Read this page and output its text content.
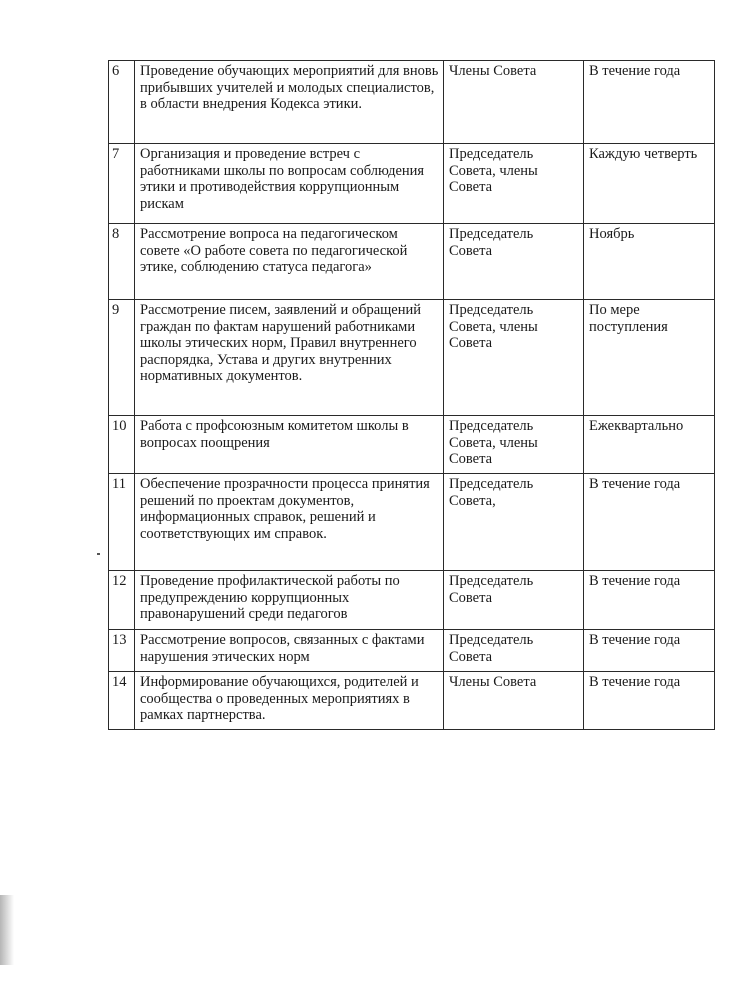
6	Проведение обучающих мероприятий для вновь прибывших учителей и молодых специалистов, в области внедрения Кодекса этики.	Члены Совета	В течение года
7	Организация и проведение встреч с работниками школы по вопросам соблюдения этики и противодействия коррупционным рискам	Председатель Совета, члены Совета	Каждую четверть
8	Рассмотрение вопроса на педагогическом совете «О работе совета по педагогической этике, соблюдению статуса педагога»	Председатель Совета	Ноябрь
9	Рассмотрение писем, заявлений и обращений граждан по фактам нарушений работниками школы этических норм, Правил внутреннего распорядка, Устава и других внутренних нормативных документов.	Председатель Совета, члены Совета	По мере поступления
10	Работа с профсоюзным комитетом школы в вопросах поощрения	Председатель Совета, члены Совета	Ежеквартально
11	Обеспечение прозрачности процесса принятия решений по проектам документов, информационных справок, решений и соответствующих им справок.	Председатель Совета,	В течение года
12	Проведение профилактической работы по предупреждению коррупционных правонарушений среди педагогов	Председатель Совета	В течение года
13	Рассмотрение вопросов, связанных с фактами нарушения этических норм	Председатель Совета	В течение года
14	Информирование обучающихся, родителей и сообщества о проведенных мероприятиях в рамках партнерства.	Члены Совета	В течение года
